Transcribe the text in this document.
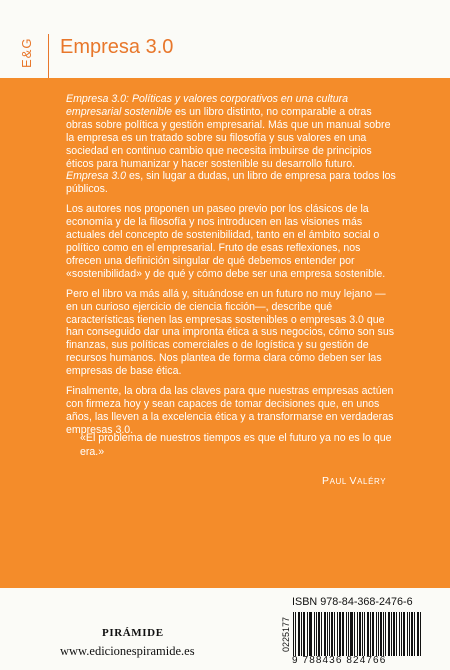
E&G Empresa 3.0

Empresa 3.0: Políticas y valores corporativos en una cultura empresarial sostenible es un libro distinto, no comparable a otras obras sobre política y gestión empresarial. Más que un manual sobre la empresa es un tratado sobre su filosofía y sus valores en una sociedad en continuo cambio que necesita imbuirse de principios éticos para humanizar y hacer sostenible su desarrollo futuro. Empresa 3.0 es, sin lugar a dudas, un libro de empresa para todos los públicos.

Los autores nos proponen un paseo previo por los clásicos de la economía y de la filosofía y nos introducen en las visiones más actuales del concepto de sostenibilidad, tanto en el ámbito social o político como en el empresarial. Fruto de esas reflexiones, nos ofrecen una definición singular de qué debemos entender por «sostenibilidad» y de qué y cómo debe ser una empresa sostenible.

Pero el libro va más allá y, situándose en un futuro no muy lejano —en un curioso ejercicio de ciencia ficción—, describe qué características tienen las empresas sostenibles o empresas 3.0 que han conseguido dar una impronta ética a sus negocios, cómo son sus finanzas, sus políticas comerciales o de logística y su gestión de recursos humanos. Nos plantea de forma clara cómo deben ser las empresas de base ética.

Finalmente, la obra da las claves para que nuestras empresas actúen con firmeza hoy y sean capaces de tomar decisiones que, en unos años, las lleven a la excelencia ética y a transformarse en verdaderas empresas 3.0.

«El problema de nuestros tiempos es que el futuro ya no es lo que era.»
PAUL VALÉRY
ISBN 978-84-368-2476-6
9 788436 824766
0225177
PIRÁMIDE
www.edicionespiramide.es
